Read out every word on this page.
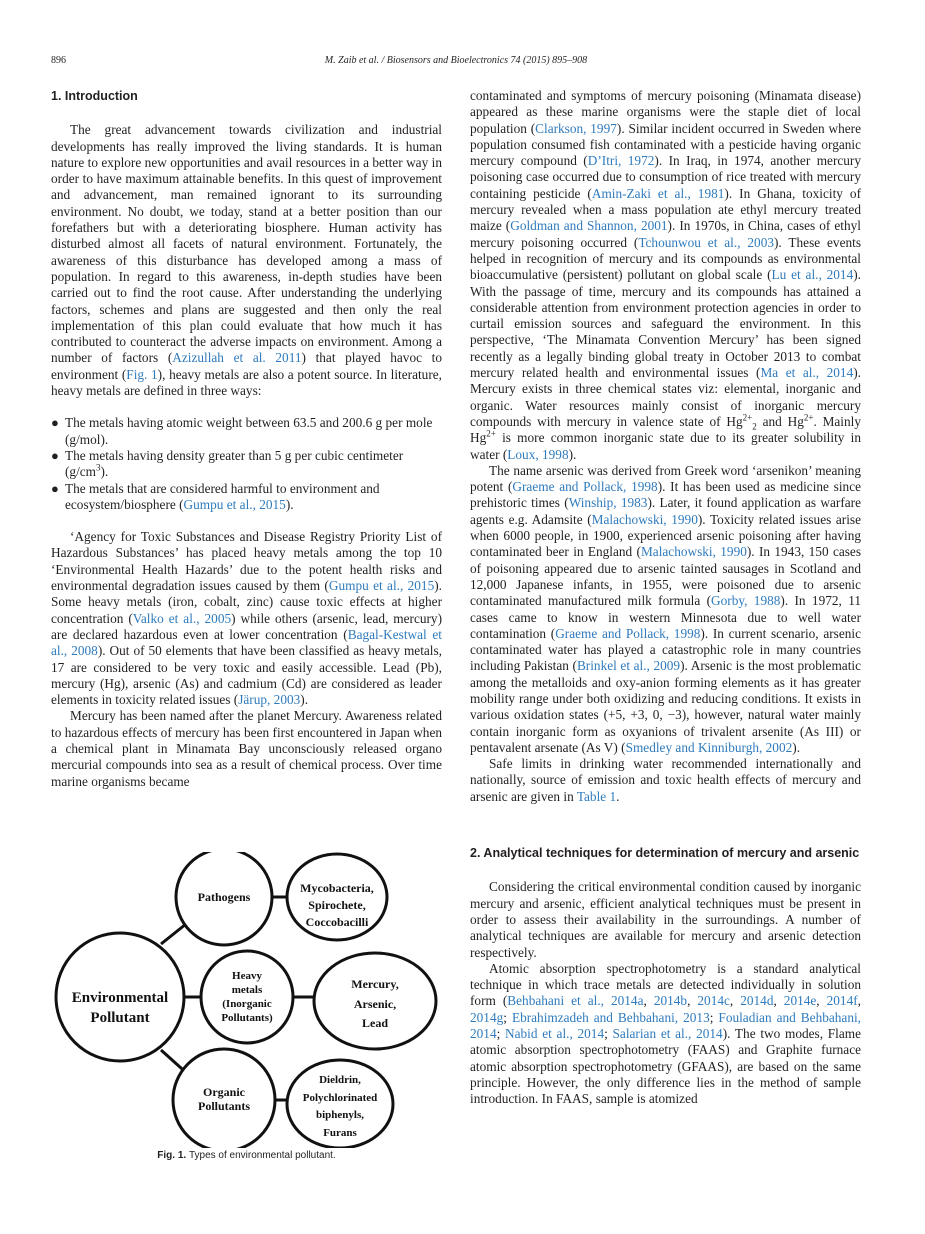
896	M. Zaib et al. / Biosensors and Bioelectronics 74 (2015) 895–908
1. Introduction

The great advancement towards civilization and industrial developments has really improved the living standards. It is human nature to explore new opportunities and avail resources in a better way in order to have maximum attainable benefits. In this quest of improvement and advancement, man remained ignorant to its surrounding environment. No doubt, we today, stand at a better position than our forefathers but with a deteriorating biosphere. Human activity has disturbed almost all facets of natural environment. Fortunately, the awareness of this disturbance has developed among a mass of population. In regard to this awareness, in-depth studies have been carried out to find the root cause. After understanding the underlying factors, schemes and plans are suggested and then only the real implementation of this plan could evaluate that how much it has contributed to counteract the adverse impacts on environment. Among a number of factors (Azizullah et al. 2011) that played havoc to environment (Fig. 1), heavy metals are also a potent source. In literature, heavy metals are defined in three ways:

● The metals having atomic weight between 63.5 and 200.6 g per mole (g/mol).
● The metals having density greater than 5 g per cubic centimeter $(g/cm^3)$.
● The metals that are considered harmful to environment and ecosystem/biosphere (Gumpu et al., 2015).

‘Agency for Toxic Substances and Disease Registry Priority List of Hazardous Substances’ has placed heavy metals among the top 10 ‘Environmental Health Hazards’ due to the potent health risks and environmental degradation issues caused by them (Gumpu et al., 2015). Some heavy metals (iron, cobalt, zinc) cause toxic effects at higher concentration (Valko et al., 2005) while others (arsenic, lead, mercury) are declared hazardous even at lower concentration (Bagal-Kestwal et al., 2008). Out of 50 elements that have been classified as heavy metals, 17 are considered to be very toxic and easily accessible. Lead (Pb), mercury (Hg), arsenic (As) and cadmium (Cd) are considered as leader elements in toxicity related issues (Järup, 2003).

Mercury has been named after the planet Mercury. Awareness related to hazardous effects of mercury has been first encountered in Japan when a chemical plant in Minamata Bay unconsciously released organo mercurial compounds into sea as a result of chemical process. Over time marine organisms became

Environmental
Pollutant
Pathogens
Heavy
metals
(Inorganic
Pollutants)
Organic
Pollutants
Mycobacteria,
Spirochete,
Coccobacilli
Mercury,
Arsenic,
Lead
Dieldrin,
Polychlorinated
biphenyls,
Furans
Fig. 1. Types of environmental pollutant.

contaminated and symptoms of mercury poisoning (Minamata disease) appeared as these marine organisms were the staple diet of local population (Clarkson, 1997). Similar incident occurred in Sweden where population consumed fish contaminated with a pesticide having organic mercury compound (D’Itri, 1972). In Iraq, in 1974, another mercury poisoning case occurred due to consumption of rice treated with mercury containing pesticide (Amin-Zaki et al., 1981). In Ghana, toxicity of mercury revealed when a mass population ate ethyl mercury treated maize (Goldman and Shannon, 2001). In 1970s, in China, cases of ethyl mercury poisoning occurred (Tchounwou et al., 2003). These events helped in recognition of mercury and its compounds as environmental bioaccumulative (persistent) pollutant on global scale (Lu et al., 2014). With the passage of time, mercury and its compounds has attained a considerable attention from environment protection agencies in order to curtail emission sources and safeguard the environment. In this perspective, ‘The Minamata Convention Mercury’ has been signed recently as a legally binding global treaty in October 2013 to combat mercury related health and environmental issues (Ma et al., 2014). Mercury exists in three chemical states viz: elemental, inorganic and organic. Water resources mainly consist of inorganic mercury compounds with mercury in valence state of $Hg^{2+}_2$ and $Hg^{2+}$. Mainly $Hg^{2+}$ is more common inorganic state due to its greater solubility in water (Loux, 1998).

The name arsenic was derived from Greek word ‘arsenikon’ meaning potent (Graeme and Pollack, 1998). It has been used as medicine since prehistoric times (Winship, 1983). Later, it found application as warfare agents e.g. Adamsite (Malachowski, 1990). Toxicity related issues arise when 6000 people, in 1900, experienced arsenic poisoning after having contaminated beer in England (Malachowski, 1990). In 1943, 150 cases of poisoning appeared due to arsenic tainted sausages in Scotland and 12,000 Japanese infants, in 1955, were poisoned due to arsenic contaminated manufactured milk formula (Gorby, 1988). In 1972, 11 cases came to know in western Minnesota due to well water contamination (Graeme and Pollack, 1998). In current scenario, arsenic contaminated water has played a catastrophic role in many countries including Pakistan (Brinkel et al., 2009). Arsenic is the most problematic among the metalloids and oxy-anion forming elements as it has greater mobility range under both oxidizing and reducing conditions. It exists in various oxidation states (+5, +3, 0, −3), however, natural water mainly contain inorganic form as oxyanions of trivalent arsenite (As III) or pentavalent arsenate (As V) (Smedley and Kinniburgh, 2002).

Safe limits in drinking water recommended internationally and nationally, source of emission and toxic health effects of mercury and arsenic are given in Table 1.

2. Analytical techniques for determination of mercury and arsenic

Considering the critical environmental condition caused by inorganic mercury and arsenic, efficient analytical techniques must be present in order to assess their availability in the surroundings. A number of analytical techniques are available for mercury and arsenic detection respectively.

Atomic absorption spectrophotometry is a standard analytical technique in which trace metals are detected individually in solution form (Behbahani et al., 2014a, 2014b, 2014c, 2014d, 2014e, 2014f, 2014g; Ebrahimzadeh and Behbahani, 2013; Fouladian and Behbahani, 2014; Nabid et al., 2014; Salarian et al., 2014). The two modes, Flame atomic absorption spectrophotometry (FAAS) and Graphite furnace atomic absorption spectrophotometry (GFAAS), are based on the same principle. However, the only difference lies in the method of sample introduction. In FAAS, sample is atomized
